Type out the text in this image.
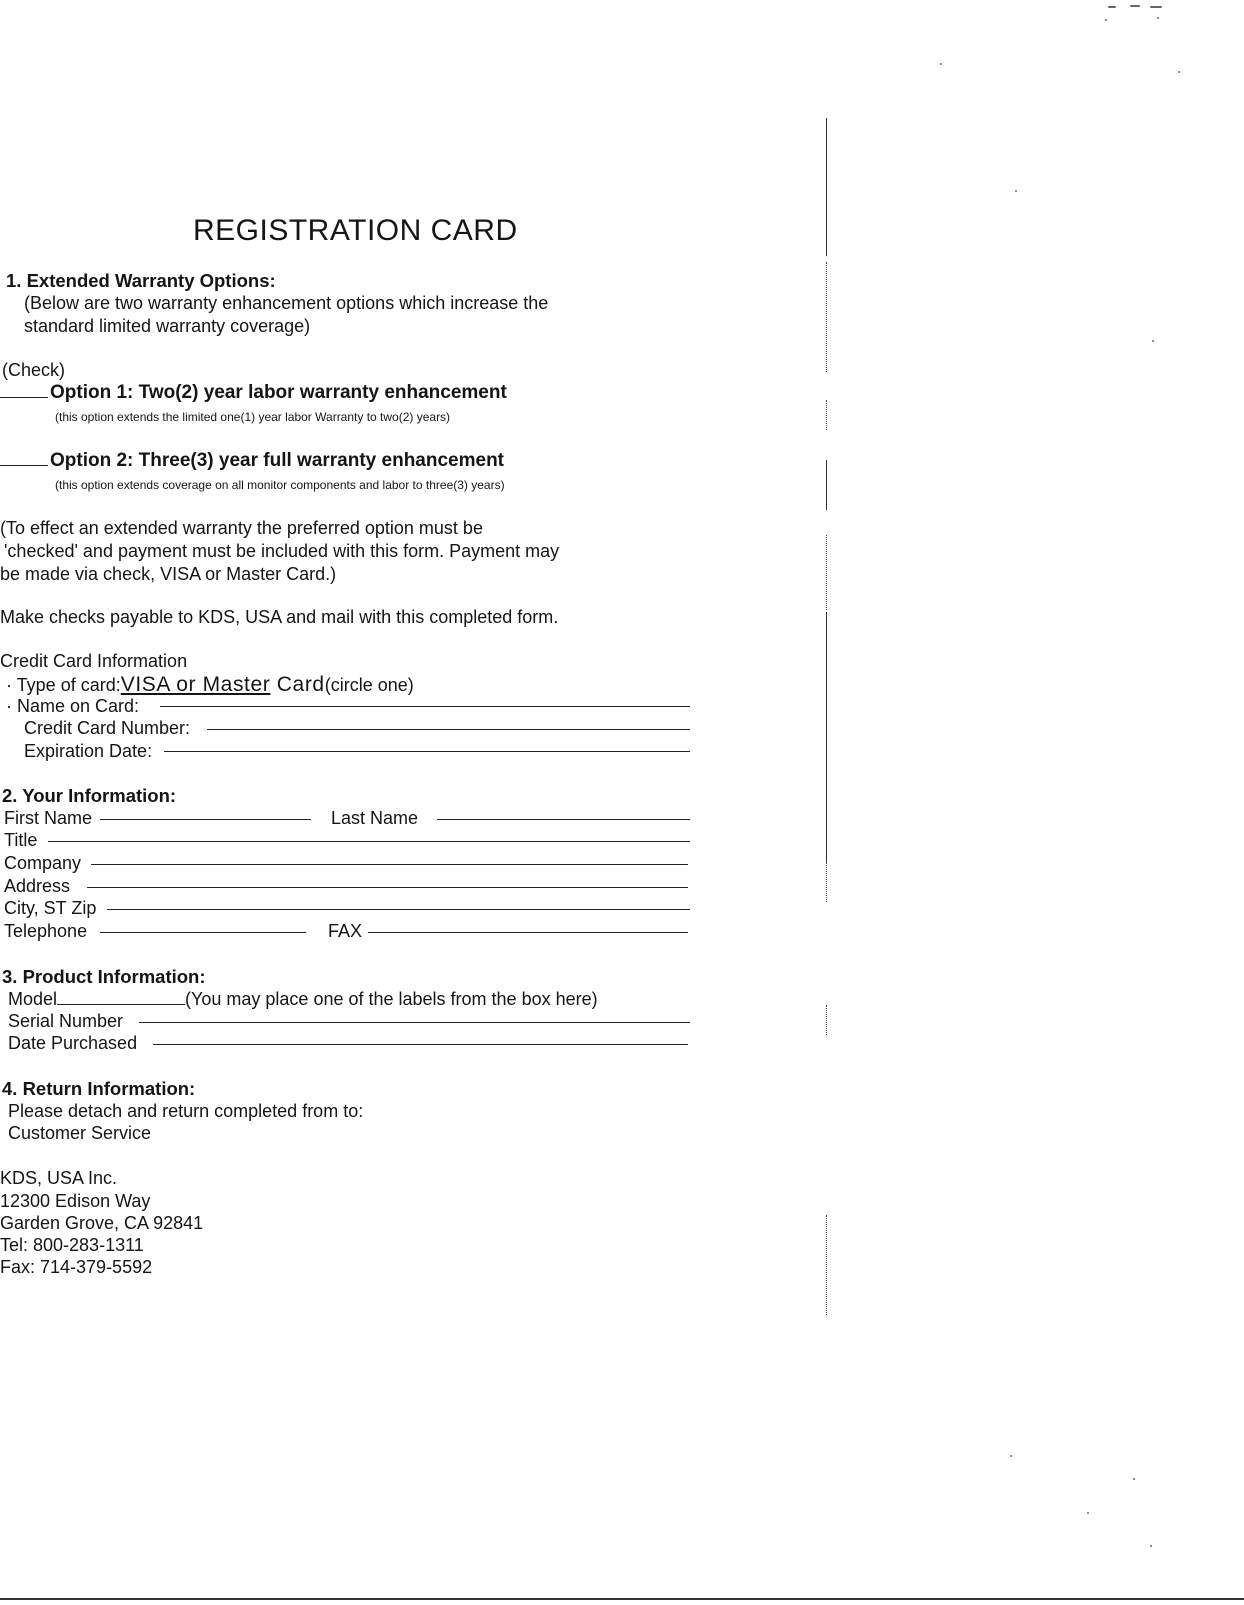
REGISTRATION CARD
1. Extended Warranty Options:
(Below are two warranty enhancement options which increase the
standard limited warranty coverage)
(Check)
Option 1: Two(2) year labor warranty enhancement
(this option extends the limited one(1) year labor Warranty to two(2) years)
Option 2: Three(3) year full warranty enhancement
(this option extends coverage on all monitor components and labor to three(3) years)
(To effect an extended warranty the preferred option must be
'checked' and payment must be included with this form. Payment may
be made via check, VISA or Master Card.)
Make checks payable to KDS, USA and mail with this completed form.
Credit Card Information
· Type of card:VISA or Master Card(circle one)
· Name on Card:
Credit Card Number:
Expiration Date:
2. Your Information:
First Name	Last Name
Title
Company
Address
City, ST Zip
Telephone	FAX
3. Product Information:
Model	(You may place one of the labels from the box here)
Serial Number
Date Purchased
4. Return Information:
Please detach and return completed from to:
Customer Service
KDS, USA Inc.
12300 Edison Way
Garden Grove, CA 92841
Tel: 800-283-1311
Fax: 714-379-5592
